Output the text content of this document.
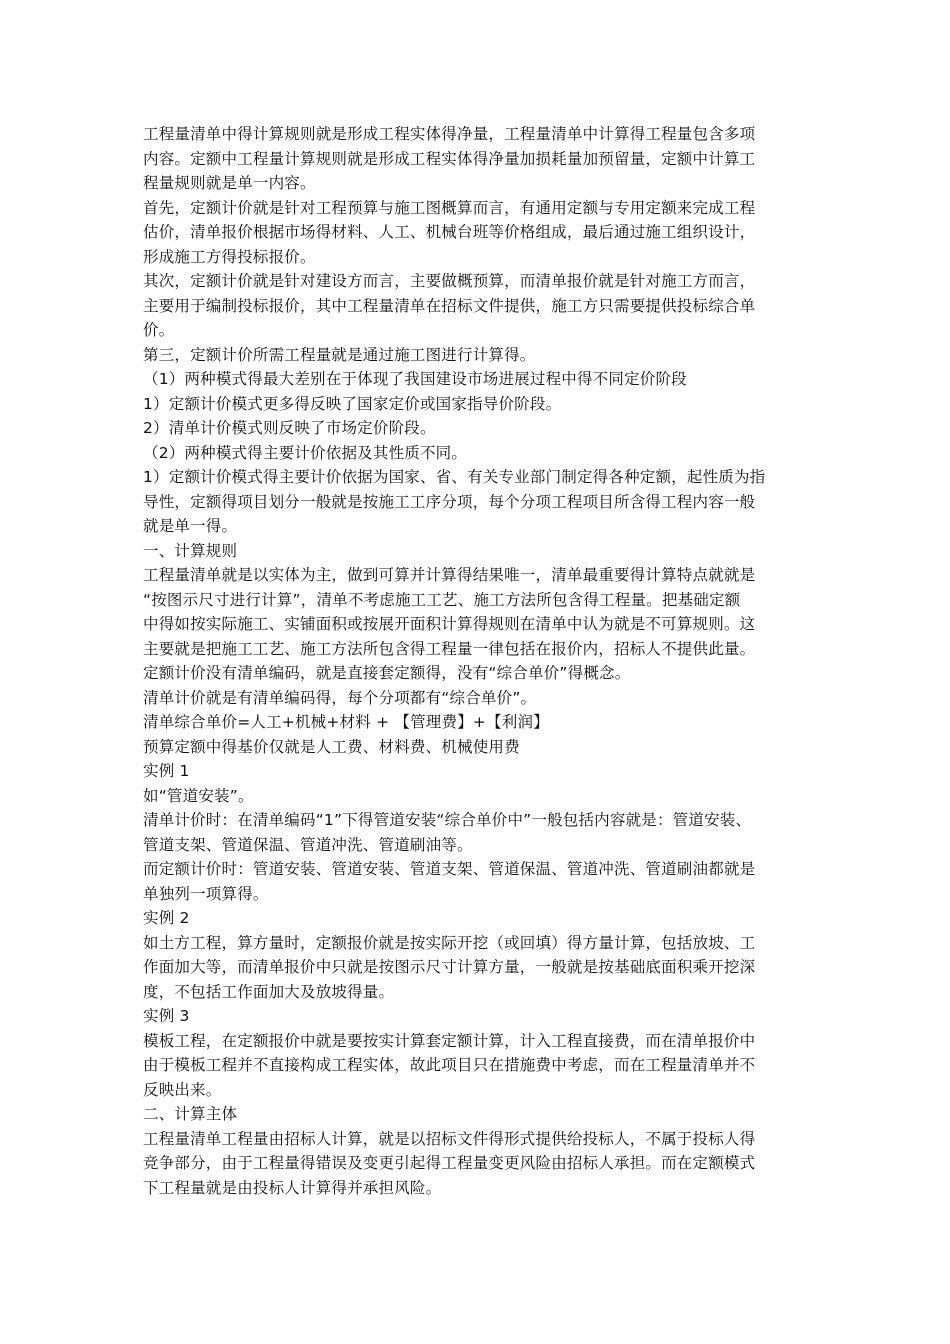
工程量清单中得计算规则就是形成工程实体得净量，工程量清单中计算得工程量包含多项

内容。定额中工程量计算规则就是形成工程实体得净量加损耗量加预留量，定额中计算工

程量规则就是单一内容。

首先，定额计价就是针对工程预算与施工图概算而言，有通用定额与专用定额来完成工程

估价，清单报价根据市场得材料、人工、机械台班等价格组成，最后通过施工组织设计，

形成施工方得投标报价。

其次，定额计价就是针对建设方而言，主要做概预算，而清单报价就是针对施工方而言，

主要用于编制投标报价，其中工程量清单在招标文件提供，施工方只需要提供投标综合单

价。

第三，定额计价所需工程量就是通过施工图进行计算得。

（1）两种模式得最大差别在于体现了我国建设市场进展过程中得不同定价阶段

1）定额计价模式更多得反映了国家定价或国家指导价阶段。

2）清单计价模式则反映了市场定价阶段。

（2）两种模式得主要计价依据及其性质不同。

1）定额计价模式得主要计价依据为国家、省、有关专业部门制定得各种定额，起性质为指

导性，定额得项目划分一般就是按施工工序分项，每个分项工程项目所含得工程内容一般

就是单一得。

一、计算规则

工程量清单就是以实体为主，做到可算并计算得结果唯一，清单最重要得计算特点就就是

“按图示尺寸进行计算”，清单不考虑施工工艺、施工方法所包含得工程量。把基础定额

中得如按实际施工、实铺面积或按展开面积计算得规则在清单中认为就是不可算规则。这

主要就是把施工工艺、施工方法所包含得工程量一律包括在报价内，招标人不提供此量。

定额计价没有清单编码，就是直接套定额得，没有“综合单价”得概念。

清单计价就是有清单编码得，每个分项都有“综合单价”。

清单综合单价=人工+机械+材料 + 【管理费】+【利润】

预算定额中得基价仅就是人工费、材料费、机械使用费

实例 1

如“管道安装”。

清单计价时：在清单编码“1”下得管道安装“综合单价中”一般包括内容就是：管道安装、

管道支架、管道保温、管道冲洗、管道刷油等。

而定额计价时：管道安装、管道安装、管道支架、管道保温、管道冲洗、管道刷油都就是

单独列一项算得。

实例 2

如土方工程，算方量时，定额报价就是按实际开挖（或回填）得方量计算，包括放坡、工

作面加大等，而清单报价中只就是按图示尺寸计算方量，一般就是按基础底面积乘开挖深

度，不包括工作面加大及放坡得量。

实例 3

模板工程，在定额报价中就是要按实计算套定额计算，计入工程直接费，而在清单报价中

由于模板工程并不直接构成工程实体，故此项目只在措施费中考虑，而在工程量清单并不

反映出来。

二、计算主体

工程量清单工程量由招标人计算，就是以招标文件得形式提供给投标人，不属于投标人得

竞争部分，由于工程量得错误及变更引起得工程量变更风险由招标人承担。而在定额模式

下工程量就是由投标人计算得并承担风险。
